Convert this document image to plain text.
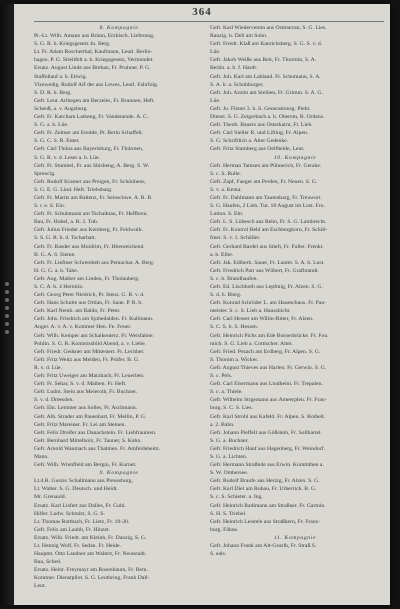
364
8. Kompagnie
Pr.-Lt. Wilh. Amann aus Brünn, Erzbisch. Lieferung,
S. G. R. b. Kriegsgesetz Jn. Berg.
Lt. Fr. Adam Roscherthal, Kaufmann, Leutl. Berlin-
hagen. P. G. Streitfelt a. b. Kriegsgesetz, Vermundet.
Ersatz. August Linde aus Breban, Fr. Pruhner. P. G.
Staffeltauf a. b. Eitwig.
Vizewedig. Rudolf Alf der aus Lewes, Leutl. Fahrfolg.
S. D. R. b. Berg.
Gefr. Leut. Aribegen am Berzeles, Fr. Brunnen, Heft.
Scheuß, a. v. Augsburg.
Gefr. Fr. Karcham Latheng, Fr. Vandenende. A. C.
S. G. a. b. Lüe.
Gefr. Fr. Zeitner am Eredde, Pr. Berin Schaffelt.
S. G. C. S. R. Enter.
Gefr. Carl Thüna aus Bayerisburg, Fr. Thürmen,
S. G. R. v. d. Leser a. b. Lüe.
Gefr. Fr. Stumbel, Fr. aus Sbisheng, A. Berg. S. W.
Sprencig.
Gefr. Rudolf Kramer aus Preigen, Fr. Schönhens,
S. G. E. G. Lind. Heft. Triebsbarg.
Gefr. Fr. Marits am Baltenz, Fr. Seinschwe. A. R. B.
S. r. e. S. Ein.
Gefr. Fr. Schuhmann am Tschaiktau, Fr. Heffbreu.
Bau, Fr. Hobel, a. R. 2. Tub.
Gefr. Julius Frieder aus Keinberg, Fr. Feldwulb.
S. S. G. R. b. d. Tscharbatt.
Gefr. Fr. Rasder aus Moidrim, Fr. Hbenreichend.
B. G. A. 6. Sieme.
Gefr. Fr. Lieftner Schrembeb aus Pemachar. A. Berg.
H. G. G. a. b. Tahe.
Gefr. Aug. Mather am Linden, Fr. Tholauberg.
S. C. A. b. 4 Hermlin.
Gefr. Georg Peter Niedrich, Pr. Stenz. G. R. v. d.
Gefr. Hans Schulte aus Ortlan, Fr. Saue. P. R. b.
Gefr. Karl Nemb. am Baldo, Fr. Peter.
Gefr. Johs. Friedrich am Sjobedalden. Fr. Kullmann.
Anger. A. v. A. v. Kommer Hen. Fe. Feuer.
Gefr. Wilh. Kemper am Schaikenterz. Fr. Weisfahne.
Pohlin. S. G. R. Kommissbild Abend, a. v. Liebe.
Gefr. Friedr. Gedsner am Mittestert. Fr. Lechher.
Gefr. Fritz Weitz aus Melden, Fr. Prüfer. B. G.
R. v. d. Lüe.
Gefr. Fritz Uweiger am Marzbach, Fr. Leuerben.
Gefr. Fr. Sehar, S. v. d. Maiben. Fr. Heft.
Gefr. Ludm. Stein aus Meieroth, Fr. Buchner.
S. v. d. Dreesden.
Gefr. Ehr. Lemmer aus Solles, Fr. Aschmann.
Gefr. Alb. Strader am Pauenbart, Fr. Mellin, P. G.
Gefr. Fritz Mareiner. Fr. Lei am Steinen.
Gefr. Felix Dreifer aus Danachstein. Fr. Liebfraumen.
Gefr. Bernhard Mittelholz, Fr. Tauner, S. Kahn.
Gefr. Arnold Wanmach aus Thalmen. Fr. Amfeldeheim.
Mann.
Gefr. Wilh. Wrenfleld am Bergin, Fr. Kurnet.
9. Kompagnie
Lt.d.R. Gustav Schallmann aus Preussburg,
Lt. Walter. S. G. Deutsch. und Heidt.
Mr. Grenauld.
Ersatz. Karl Lisfert aus Dalles, Fr. Guhl.
Hilfer. Ludw. Schmitz, S. G. S.
Lt. Thomas Rottbach, Fr. Lietz, Fr. 10-20.
Gefr. Felix am Laubh, Fr. Hinzet.
Ersatz. Wilh. Friedr. am Kleinh, Fr. Danzig, S. G.
Lt. Hennig Wolf, Fr. Sedan. Fr. Heide.
Hauptm. Otto Landner am Waltert, Fr. Neusstadt.
Bau, Sched.
Ersatz. Heinr. Freymayr am Rosenbaum, Fr. Rem.
Kommer. Dienstpilot. S. G. Leuthring, Frank Dall-
Leut.
Gefr. Karl Wiederverein aus Ostmarran, S. G. Lies.
Ranzig. b. Dell am Sohn.
Gefr. Friedr. Klaß am Kanrichsberg. S. G. S. v. d.
Lüe.
Gefr. Jakob Weiße aus Reit, Fr. Thormin, S. A.
Berlin. a. b. f. Hardt.
Gefr. Joh. Karl am Lahland. Fr. Schumann, S. A.
S. A. b. a. Schubburger.
Gefr. Joh. Arnim am Steiben, Fr. Grimm. S. A. G.
Lüe.
Gefr. Jo. Flister 3. b. S. Generationsg. Pieht.
Dienst. S. G. Zeigerbach a. b. Oberem, B. Ordens.
Gefr. Theob. Bauers aus Osterkarnt, Fr. Lieb.
Gefr. Carl Sieller R. und Lifting, Fr. Alpen.
S. G. Schriftlich a. Alter Gedenke.
Gefr. Fritz Stamberg aus Oelfhelde, Leut.
10. Kompagnie
Gefr. Herman Tamsen am Pühnerich, Fr. Gerahe.
S. c. S. Rulle.
Gefr. Zapf, Faeger am Perden, Fr. Neuen. S. G.
S. v. a. Kenta.
Gefr. Fr. Dahlmann am Tautenbarg, Fr. Treuwort.
S. G. Haufen, 2 Lieb, Tut. 18 August im Lust. Fro.
Lutton. S. Ehr.
Gefr. L. S. Lübesch aus Rehn, Fr. S. G. Lambrecht.
Gefr. Fr. Kontrol Behl am Eschbergkorn, Fr. Schill-
freer. S. v. 1. Schüller.
Gefr. Gerhard Bardel aus Stiefi, Fr. Fuller. Frenkt.
a. b. Eller.
Gefr. Jak. Ediberh. Sauer, Fr. Lautet. S. A. b. Lust.
Gefr. Friedrich Parr aus Wöbert, Fr. Grafbrandt.
S. c. b. Brandhaufen.
Gefr. Ed. Lischhoth aus Lepfmig, Fr. Alzen. S. G.
S. d. b. Bierg.
Gefr. Konrad Schröder L. am Haueschaus. Fr. Pau-
meister. S. c. S. Lieb a. Haussbicht.
Gefr. Carl Hesser am Willin-Ritter, Fr. Alzen.
S. C. S. b. S. Hessen.
Gefr. Heinrich Pichs am Ede Bornerbrücke. Fr. Fou.
mich. S. G. Lieb a. Cottischer. Alter.
Gefr. Fried. Pezach am Erdberg, Fr. Alpen. S. G.
S. Thomm a. Wicker.
Gefr. August Thieves aus Harlen. Fr. Gerwin. S. G.
S. c. Pels.
Gefr. Carl Elsermann aus Lindheim. Fr. Trepalen.
S. c. a. Thiele.
Gefr. Wilhelm Strgemann aus Ameerplen. Fr. Fran-
burg. S. C. S. Lies.
Gefr. Karl Strobl aus Kafeld. Fr. Alpen. S. Rothelt.
a. 2. Bahn.
Gefr. Johann Pieffell aus Gößstein, Fr. Sollhartel.
S. G. a. Buchner.
Gefr. Friedrich Hanf aus Hagenberg, Fr. Weindorf.
S. G. a. Lichten.
Gefr. Hermann Straßnde aus Erwin. Kommthen a.
S. W. Ombersee.
Gefr. Rudolf Braufe aus Herzig, Fr. Alzen. S. G.
Gefr. Karl Diel am Ruhau, Fr. Urberrick. B. G.
S. c. S. Schieter. a. Ing.
Gefr. Heinrich Radimann am Straßner. Fr. Garmin.
S. H. S. Triebel.
Gefr. Heinrich Leistele aus Straßkern, Fr. Franz-
burg. Fähne.
11. Kompagnie
Gefr. Johann Frank am Alt-Gearlb, Fr. Straß.S.
S. eals.
